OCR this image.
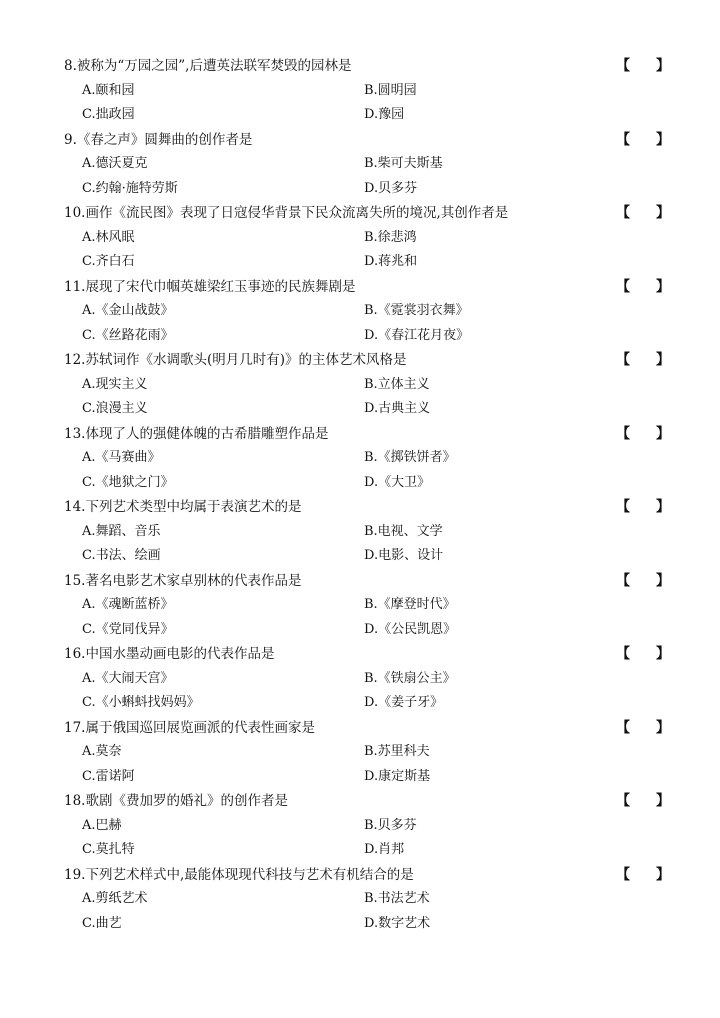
8.被称为“万园之园”,后遭英法联军焚毁的园林是	【 】
A.颐和园	B.圆明园
C.拙政园	D.豫园
9.《春之声》圆舞曲的创作者是	【 】
A.德沃夏克	B.柴可夫斯基
C.约翰·施特劳斯	D.贝多芬
10.画作《流民图》表现了日寇侵华背景下民众流离失所的境况,其创作者是	【 】
A.林风眠	B.徐悲鸿
C.齐白石	D.蒋兆和
11.展现了宋代巾帼英雄梁红玉事迹的民族舞剧是	【 】
A.《金山战鼓》	B.《霓裳羽衣舞》
C.《丝路花雨》	D.《春江花月夜》
12.苏轼词作《水调歌头(明月几时有)》的主体艺术风格是	【 】
A.现实主义	B.立体主义
C.浪漫主义	D.古典主义
13.体现了人的强健体魄的古希腊雕塑作品是	【 】
A.《马赛曲》	B.《掷铁饼者》
C.《地狱之门》	D.《大卫》
14.下列艺术类型中均属于表演艺术的是	【 】
A.舞蹈、音乐	B.电视、文学
C.书法、绘画	D.电影、设计
15.著名电影艺术家卓别林的代表作品是	【 】
A.《魂断蓝桥》	B.《摩登时代》
C.《党同伐异》	D.《公民凯恩》
16.中国水墨动画电影的代表作品是	【 】
A.《大闹天宫》	B.《铁扇公主》
C.《小蝌蚪找妈妈》	D.《姜子牙》
17.属于俄国巡回展览画派的代表性画家是	【 】
A.莫奈	B.苏里科夫
C.雷诺阿	D.康定斯基
18.歌剧《费加罗的婚礼》的创作者是	【 】
A.巴赫	B.贝多芬
C.莫扎特	D.肖邦
19.下列艺术样式中,最能体现现代科技与艺术有机结合的是	【 】
A.剪纸艺术	B.书法艺术
C.曲艺	D.数字艺术
